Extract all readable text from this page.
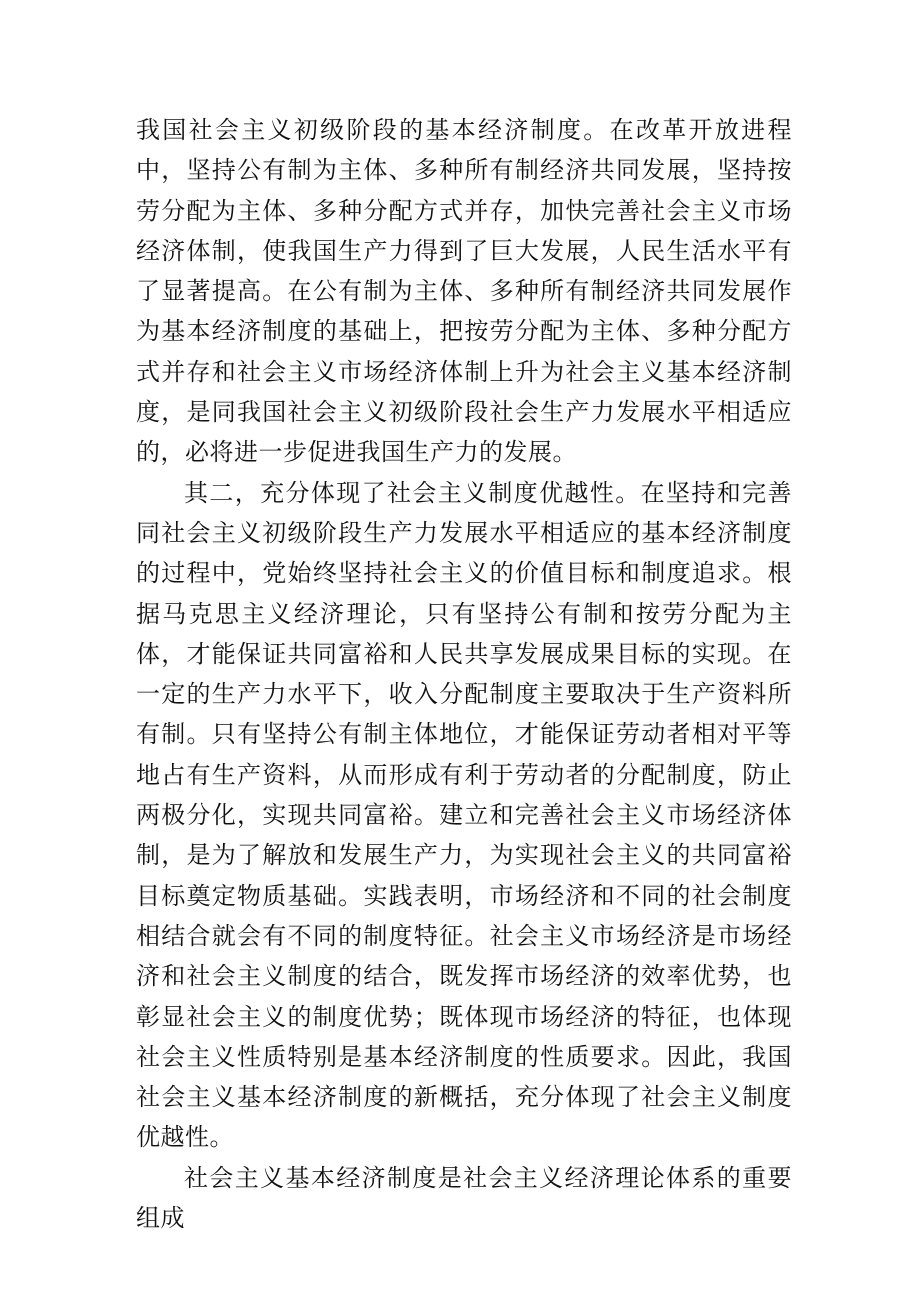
我国社会主义初级阶段的基本经济制度。在改革开放进程中，坚持公有制为主体、多种所有制经济共同发展，坚持按劳分配为主体、多种分配方式并存，加快完善社会主义市场经济体制，使我国生产力得到了巨大发展，人民生活水平有了显著提高。在公有制为主体、多种所有制经济共同发展作为基本经济制度的基础上，把按劳分配为主体、多种分配方式并存和社会主义市场经济体制上升为社会主义基本经济制度，是同我国社会主义初级阶段社会生产力发展水平相适应的，必将进一步促进我国生产力的发展。

其二，充分体现了社会主义制度优越性。在坚持和完善同社会主义初级阶段生产力发展水平相适应的基本经济制度的过程中，党始终坚持社会主义的价值目标和制度追求。根据马克思主义经济理论，只有坚持公有制和按劳分配为主体，才能保证共同富裕和人民共享发展成果目标的实现。在一定的生产力水平下，收入分配制度主要取决于生产资料所有制。只有坚持公有制主体地位，才能保证劳动者相对平等地占有生产资料，从而形成有利于劳动者的分配制度，防止两极分化，实现共同富裕。建立和完善社会主义市场经济体制，是为了解放和发展生产力，为实现社会主义的共同富裕目标奠定物质基础。实践表明，市场经济和不同的社会制度相结合就会有不同的制度特征。社会主义市场经济是市场经济和社会主义制度的结合，既发挥市场经济的效率优势，也彰显社会主义的制度优势；既体现市场经济的特征，也体现社会主义性质特别是基本经济制度的性质要求。因此，我国社会主义基本经济制度的新概括，充分体现了社会主义制度优越性。

社会主义基本经济制度是社会主义经济理论体系的重要组成
